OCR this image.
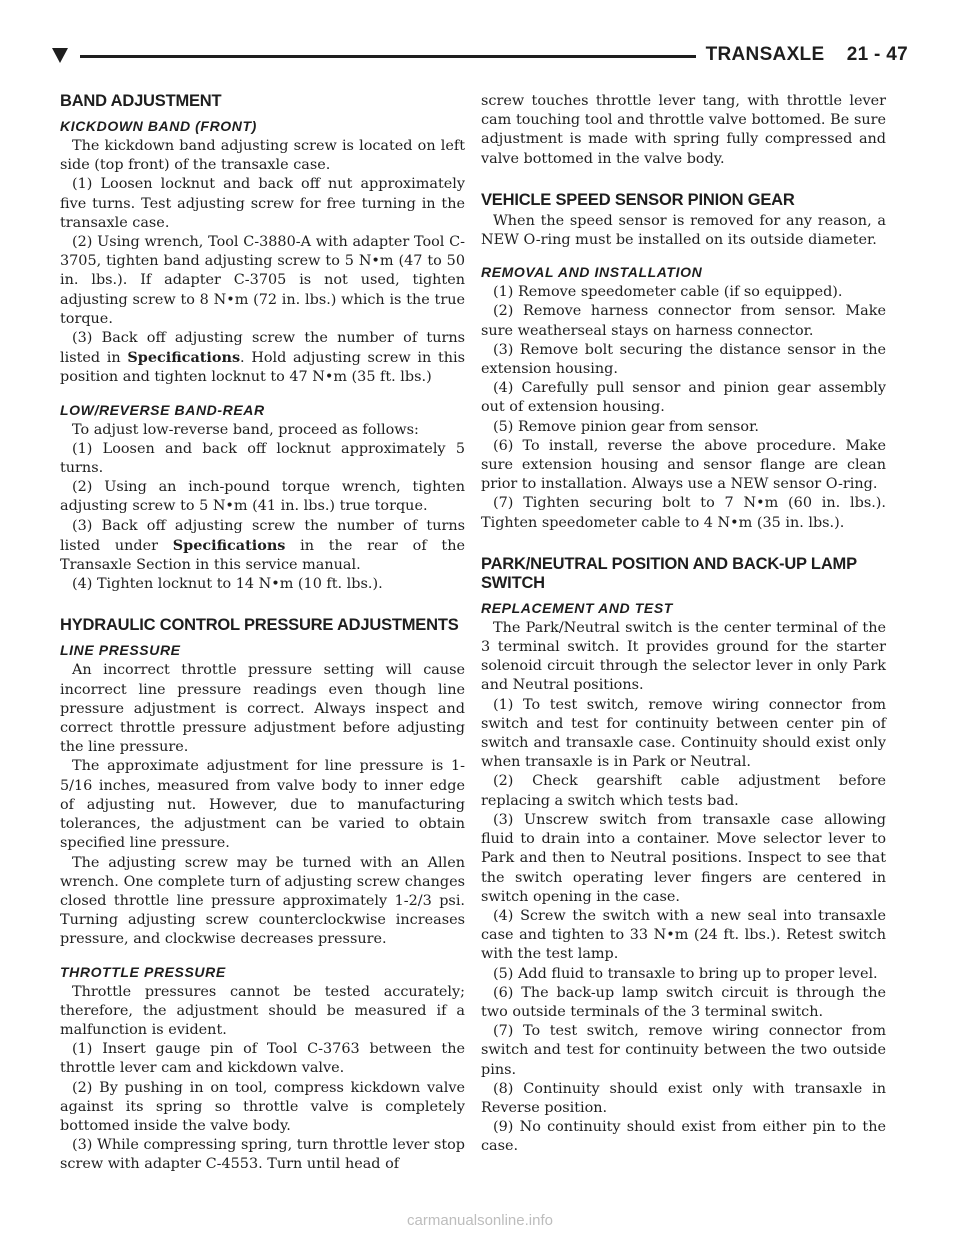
TRANSAXLE    21 - 47
BAND ADJUSTMENT
KICKDOWN BAND (FRONT)

The kickdown band adjusting screw is located on left side (top front) of the transaxle case.

(1) Loosen locknut and back off nut approximately five turns. Test adjusting screw for free turning in the transaxle case.

(2) Using wrench, Tool C-3880-A with adapter Tool C-3705, tighten band adjusting screw to 5 N•m (47 to 50 in. lbs.). If adapter C-3705 is not used, tighten adjusting screw to 8 N•m (72 in. lbs.) which is the true torque.

(3) Back off adjusting screw the number of turns listed in Specifications. Hold adjusting screw in this position and tighten locknut to 47 N•m (35 ft. lbs.)

LOW/REVERSE BAND-REAR

To adjust low-reverse band, proceed as follows:

(1) Loosen and back off locknut approximately 5 turns.

(2) Using an inch-pound torque wrench, tighten adjusting screw to 5 N•m (41 in. lbs.) true torque.

(3) Back off adjusting screw the number of turns listed under Specifications in the rear of the Transaxle Section in this service manual.

(4) Tighten locknut to 14 N•m (10 ft. lbs.).

HYDRAULIC CONTROL PRESSURE ADJUSTMENTS
LINE PRESSURE

An incorrect throttle pressure setting will cause incorrect line pressure readings even though line pressure adjustment is correct. Always inspect and correct throttle pressure adjustment before adjusting the line pressure.

The approximate adjustment for line pressure is 1-5/16 inches, measured from valve body to inner edge of adjusting nut. However, due to manufacturing tolerances, the adjustment can be varied to obtain specified line pressure.

The adjusting screw may be turned with an Allen wrench. One complete turn of adjusting screw changes closed throttle line pressure approximately 1-2/3 psi. Turning adjusting screw counterclockwise increases pressure, and clockwise decreases pressure.

THROTTLE PRESSURE

Throttle pressures cannot be tested accurately; therefore, the adjustment should be measured if a malfunction is evident.

(1) Insert gauge pin of Tool C-3763 between the throttle lever cam and kickdown valve.

(2) By pushing in on tool, compress kickdown valve against its spring so throttle valve is completely bottomed inside the valve body.

(3) While compressing spring, turn throttle lever stop screw with adapter C-4553. Turn until head of

screw touches throttle lever tang, with throttle lever cam touching tool and throttle valve bottomed. Be sure adjustment is made with spring fully compressed and valve bottomed in the valve body.

VEHICLE SPEED SENSOR PINION GEAR

When the speed sensor is removed for any reason, a NEW O-ring must be installed on its outside diameter.

REMOVAL AND INSTALLATION

(1) Remove speedometer cable (if so equipped).

(2) Remove harness connector from sensor. Make sure weatherseal stays on harness connector.

(3) Remove bolt securing the distance sensor in the extension housing.

(4) Carefully pull sensor and pinion gear assembly out of extension housing.

(5) Remove pinion gear from sensor.

(6) To install, reverse the above procedure. Make sure extension housing and sensor flange are clean prior to installation. Always use a NEW sensor O-ring.

(7) Tighten securing bolt to 7 N•m (60 in. lbs.). Tighten speedometer cable to 4 N•m (35 in. lbs.).

PARK/NEUTRAL POSITION AND BACK-UP LAMP SWITCH
REPLACEMENT AND TEST

The Park/Neutral switch is the center terminal of the 3 terminal switch. It provides ground for the starter solenoid circuit through the selector lever in only Park and Neutral positions.

(1) To test switch, remove wiring connector from switch and test for continuity between center pin of switch and transaxle case. Continuity should exist only when transaxle is in Park or Neutral.

(2) Check gearshift cable adjustment before replacing a switch which tests bad.

(3) Unscrew switch from transaxle case allowing fluid to drain into a container. Move selector lever to Park and then to Neutral positions. Inspect to see that the switch operating lever fingers are centered in switch opening in the case.

(4) Screw the switch with a new seal into transaxle case and tighten to 33 N•m (24 ft. lbs.). Retest switch with the test lamp.

(5) Add fluid to transaxle to bring up to proper level.

(6) The back-up lamp switch circuit is through the two outside terminals of the 3 terminal switch.

(7) To test switch, remove wiring connector from switch and test for continuity between the two outside pins.

(8) Continuity should exist only with transaxle in Reverse position.

(9) No continuity should exist from either pin to the case.

carmanualsonline.info
